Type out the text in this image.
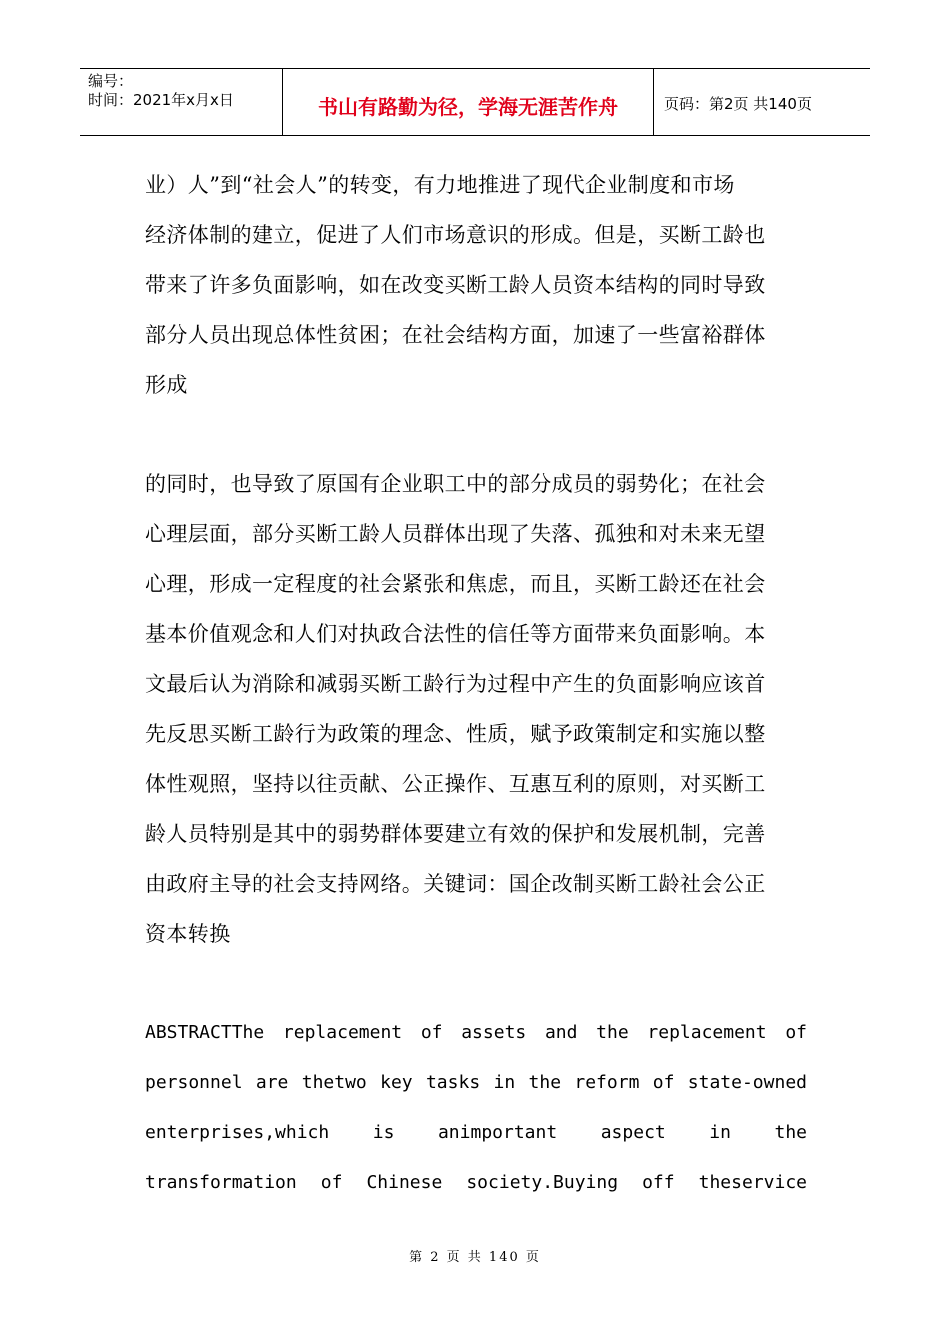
编号：
时间：2021年x月x日	书山有路勤为径，学海无涯苦作舟	页码：第2页 共140页
业）人”到“社会人”的转变，有力地推进了现代企业制度和市场
经济体制的建立，促进了人们市场意识的形成。但是，买断工龄也
带来了许多负面影响，如在改变买断工龄人员资本结构的同时导致
部分人员出现总体性贫困；在社会结构方面，加速了一些富裕群体
形成
的同时，也导致了原国有企业职工中的部分成员的弱势化；在社会
心理层面，部分买断工龄人员群体出现了失落、孤独和对未来无望
心理，形成一定程度的社会紧张和焦虑，而且，买断工龄还在社会
基本价值观念和人们对执政合法性的信任等方面带来负面影响。本
文最后认为消除和减弱买断工龄行为过程中产生的负面影响应该首
先反思买断工龄行为政策的理念、性质，赋予政策制定和实施以整
体性观照，坚持以往贡献、公正操作、互惠互利的原则，对买断工
龄人员特别是其中的弱势群体要建立有效的保护和发展机制，完善
由政府主导的社会支持网络。关键词：国企改制买断工龄社会公正
资本转换
ABSTRACTThe replacement of assets and the replacement of
personnel are thetwo key tasks in the reform of state-owned
enterprises,which is animportant aspect in the
transformation of Chinese society.Buying off theservice
第 2 页 共 140 页
